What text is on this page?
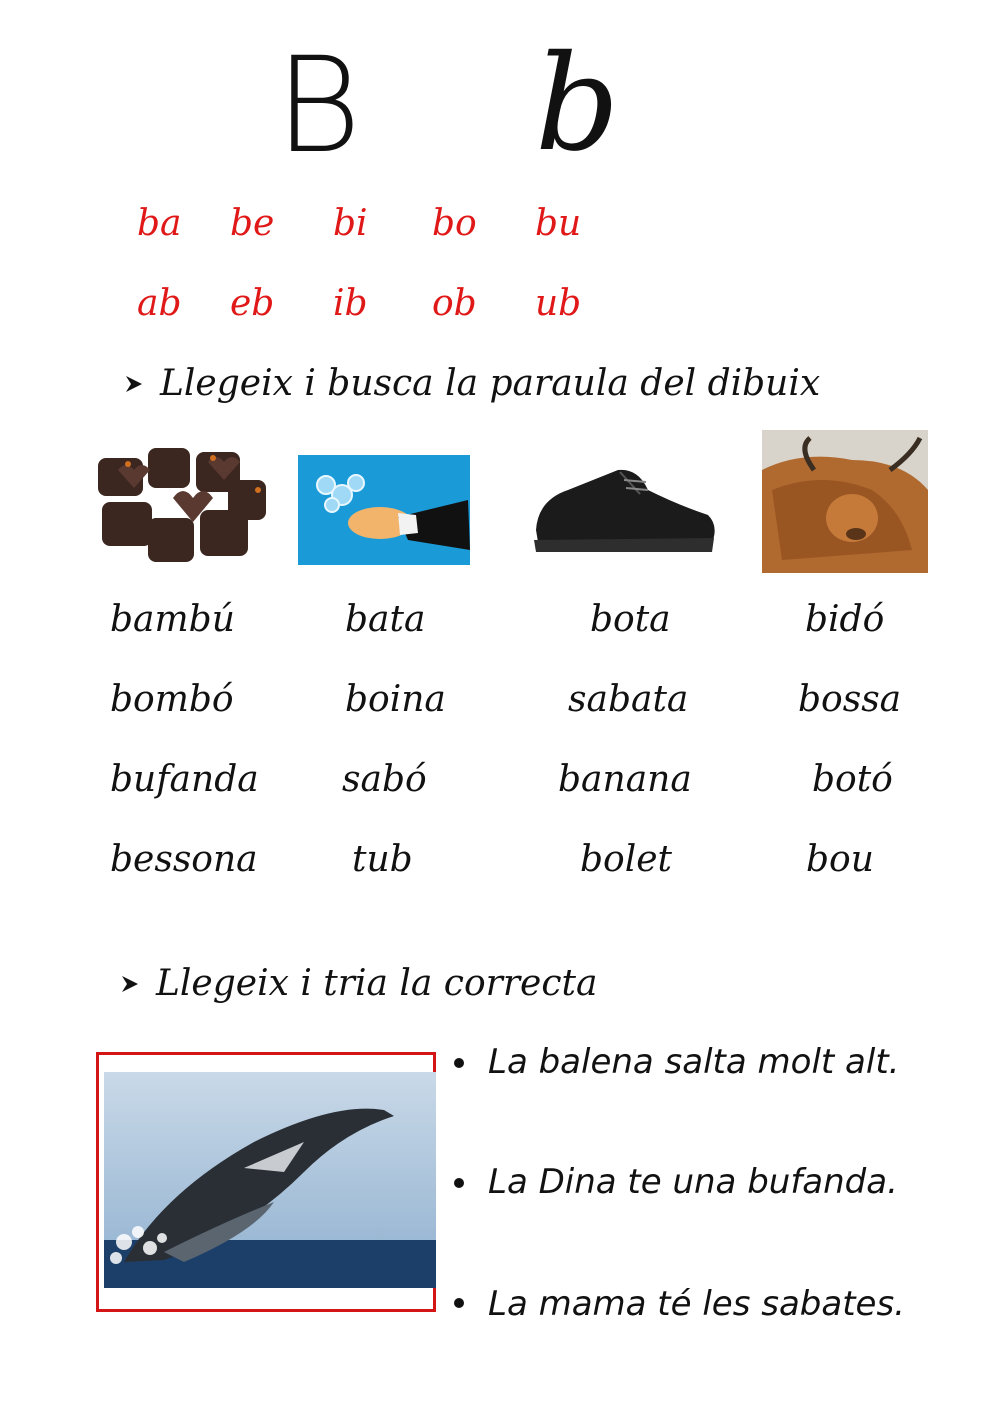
B b
ba be bi bo bu
ab eb ib ob ub
Llegeix i busca la paraula del dibuix
bambú
bombó
bufanda
bessona
bata
boina
sabó
tub
bota
sabata
banana
bolet
bidó
bossa
botó
bou
Llegeix i tria la correcta
La balena salta molt alt.
La Dina te una bufanda.
La mama té les sabates.
